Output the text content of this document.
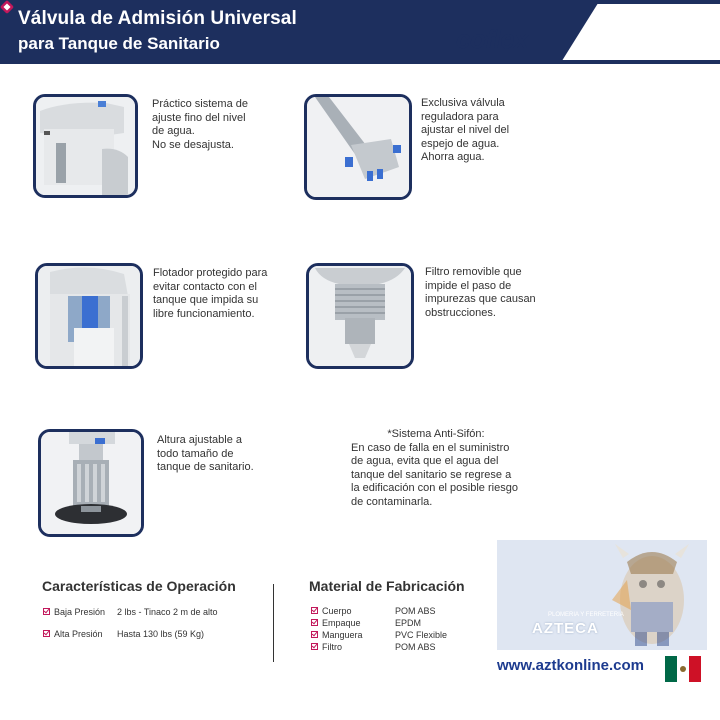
Válvula de Admisión Universal
para Tanque de Sanitario	coflex
Práctico sistema de
ajuste fino del nivel
de agua.
No se desajusta.
Exclusiva válvula
reguladora para
ajustar el nivel del
espejo de agua.
Ahorra agua.
Flotador protegido para
evitar contacto con el
tanque que impida su
libre funcionamiento.
Filtro removible que
impide el paso de
impurezas que causan
obstrucciones.
Altura ajustable a
todo tamaño de
tanque de sanitario.
*Sistema Anti-Sifón:
En caso de falla en el suministro
de agua, evita que el agua del
tanque del sanitario se regrese a
la edificación con el posible riesgo
de contaminarla.
Características de Operación
Baja Presión 2 lbs - Tinaco 2 m de alto
Alta Presión Hasta 130 lbs (59 Kg)
Material de Fabricación
Cuerpo	POM ABS
Empaque	EPDM
Manguera	PVC Flexible
Filtro	POM ABS
PLOMERIA Y FERRETERIA
AZTECA
www.aztkonline.com
